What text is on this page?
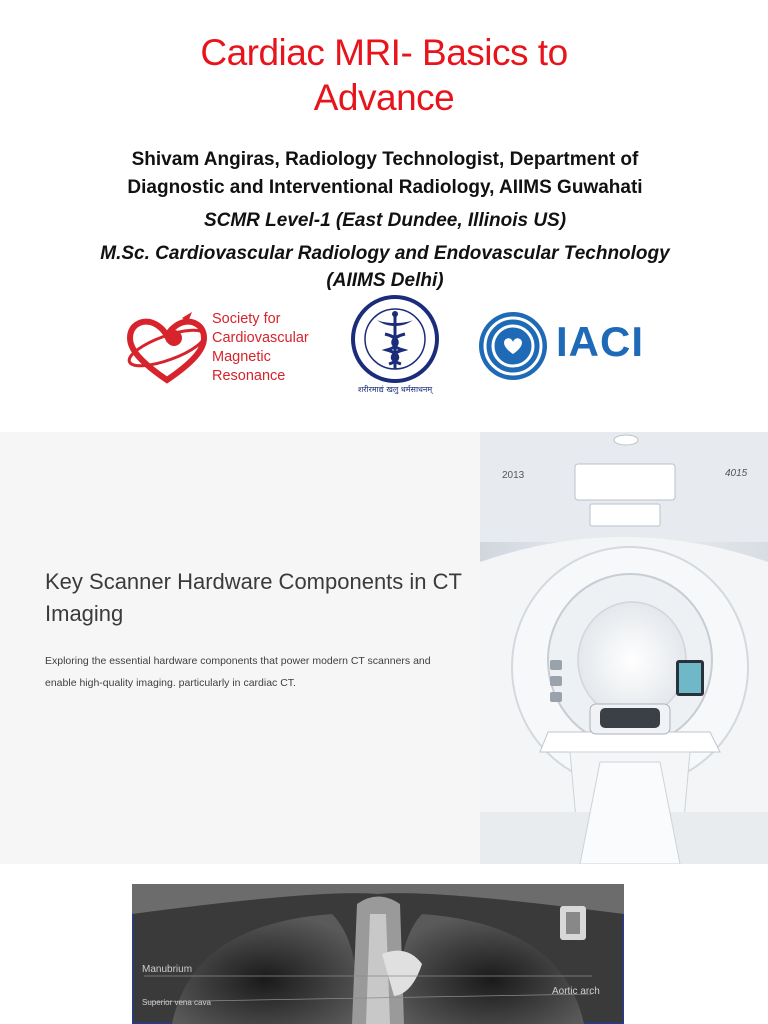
Cardiac MRI- Basics to
Advance
Shivam Angiras, Radiology Technologist, Department of
Diagnostic and Interventional Radiology, AIIMS Guwahati
SCMR Level-1 (East Dundee, Illinois US)
M.Sc. Cardiovascular Radiology and Endovascular Technology
(AIIMS Delhi)
Society for
Cardiovascular
Magnetic
Resonance
शरीरमाद्यं खलु धर्मसाधनम्
IACI
Key Scanner Hardware Components in CT Imaging
Exploring the essential hardware components that power modern CT scanners and enable high-quality imaging. particularly in cardiac CT.
2013	4015
Manubrium
Superior vena cava
Aortic arch
